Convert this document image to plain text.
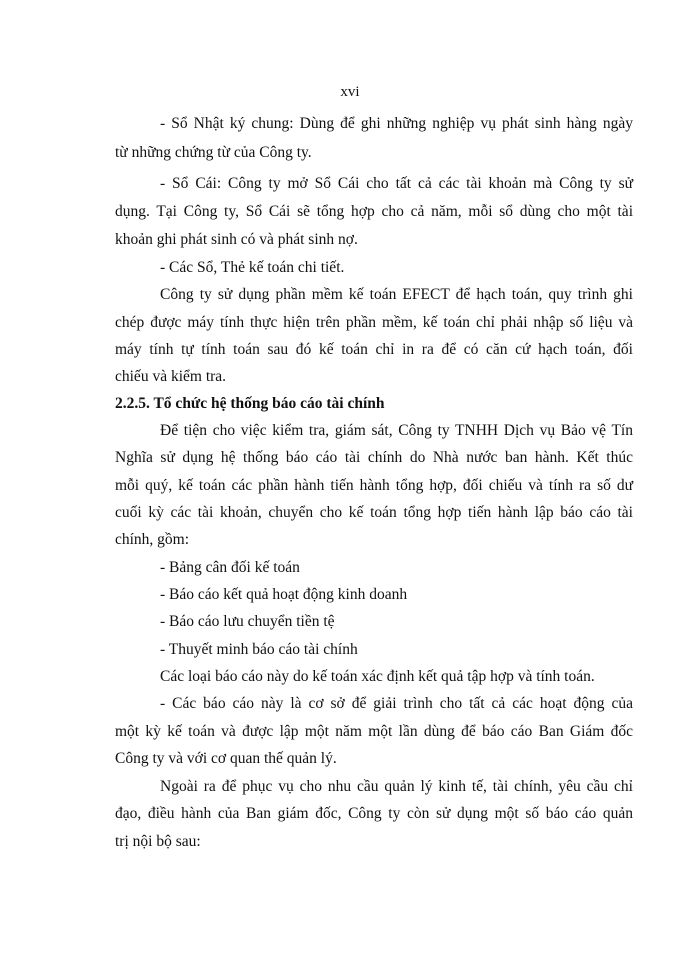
xvi
- Sổ Nhật ký chung: Dùng để ghi những nghiệp vụ phát sinh hàng ngày
từ những chứng từ của Công ty.
- Sổ Cái: Công ty mở Sổ Cái cho tất cả các tài khoản mà Công ty sử
dụng. Tại Công ty, Sổ Cái sẽ tổng hợp cho cả năm, mỗi sổ dùng cho một tài
khoản ghi phát sinh có và phát sinh nợ.
- Các Sổ, Thẻ kế toán chi tiết.
Công ty sử dụng phần mềm kế toán EFECT để hạch toán, quy trình ghi
chép được máy tính thực hiện trên phần mềm, kế toán chỉ phải nhập số liệu và
máy tính tự tính toán sau đó kế toán chỉ in ra để có căn cứ hạch toán, đối
chiếu và kiểm tra.
2.2.5. Tổ chức hệ thống báo cáo tài chính
Để tiện cho việc kiểm tra, giám sát, Công ty TNHH Dịch vụ Bảo vệ Tín
Nghĩa sử dụng hệ thống báo cáo tài chính do Nhà nước ban hành. Kết thúc
mỗi quý, kế toán các phần hành tiến hành tổng hợp, đối chiếu và tính ra số dư
cuối kỳ các tài khoản, chuyển cho kế toán tổng hợp tiến hành lập báo cáo tài
chính, gồm:
- Bảng cân đối kế toán
- Báo cáo kết quả hoạt động kinh doanh
- Báo cáo lưu chuyển tiền tệ
- Thuyết minh báo cáo tài chính
Các loại báo cáo này do kế toán xác định kết quả tập hợp và tính toán.
- Các báo cáo này là cơ sở để giải trình cho tất cả các hoạt động của
một kỳ kế toán và được lập một năm một lần dùng để báo cáo Ban Giám đốc
Công ty và với cơ quan thế quản lý.
Ngoài ra để phục vụ cho nhu cầu quản lý kinh tế, tài chính, yêu cầu chỉ
đạo, điều hành của Ban giám đốc, Công ty còn sử dụng một số báo cáo quản
trị nội bộ sau:
